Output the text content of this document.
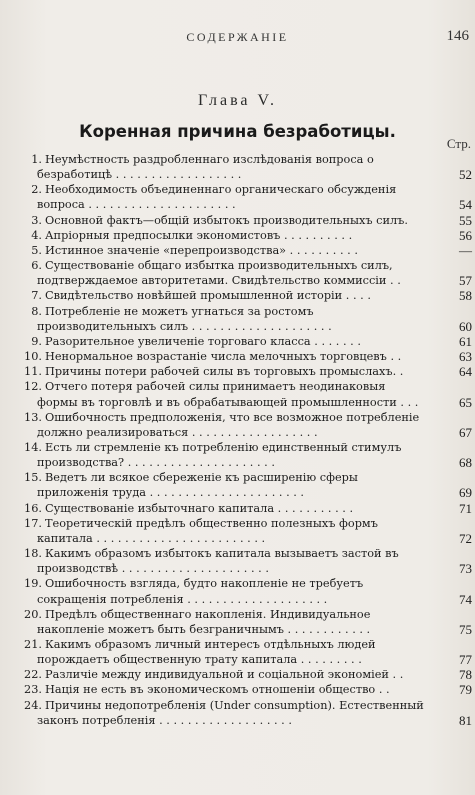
СОДЕРЖАНІЕ	146
Глава V.
Коренная причина безработицы.
Стр.
1. Неумѣстность раздробленнаго изслѣдованія вопроса о безработицѣ . . . . . . . . . . . . . . . . . .	52
2. Необходимость объединеннаго органическаго обсужденія вопроса . . . . . . . . . . . . . . . . . . . . .	54
3. Основной фактъ—общій избытокъ производительныхъ силъ.	55
4. Апріорныя предпосылки экономистовъ . . . . . . . . . .	56
5. Истинное значеніе «перепроизводства» . . . . . . . . . .	—
6. Существованіе общаго избытка производительныхъ силъ, подтверждаемое авторитетами. Свидѣтельство коммиссіи . .	57
7. Свидѣтельство новѣйшей промышленной исторіи . . . .	58
8. Потребленіе не можетъ угнаться за ростомъ производительныхъ силъ . . . . . . . . . . . . . . . . . . . .	60
9. Разорительное увеличеніе торговаго класса . . . . . . .	61
10. Ненормальное возрастаніе числа мелочныхъ торговцевъ . .	63
11. Причины потери рабочей силы въ торговыхъ промыслахъ. .	64
12. Отчего потеря рабочей силы принимаетъ неодинаковыя формы въ торговлѣ и въ обрабатывающей промышленности . . .	65
13. Ошибочность предположенія, что все возможное потребленіе должно реализироваться . . . . . . . . . . . . . . . . . .	67
14. Есть ли стремленіе къ потребленію единственный стимулъ производства? . . . . . . . . . . . . . . . . . . . . .	68
15. Ведетъ ли всякое сбереженіе къ расширенію сферы приложенія труда . . . . . . . . . . . . . . . . . . . . . .	69
16. Существованіе избыточнаго капитала . . . . . . . . . . .	71
17. Теоретическій предѣлъ общественно полезныхъ формъ капитала . . . . . . . . . . . . . . . . . . . . . . . .	72
18. Какимъ образомъ избытокъ капитала вызываетъ застой въ производствѣ . . . . . . . . . . . . . . . . . . . . .	73
19. Ошибочность взгляда, будто накопленіе не требуетъ сокращенія потребленія . . . . . . . . . . . . . . . . . . . .	74
20. Предѣлъ общественнаго накопленія. Индивидуальное накопленіе можетъ быть безграничнымъ . . . . . . . . . . . .	75
21. Какимъ образомъ личный интересъ отдѣльныхъ людей порождаетъ общественную трату капитала . . . . . . . . .	77
22. Различіе между индивидуальной и соціальной экономіей . .	78
23. Нація не есть въ экономическомъ отношеніи общество . .	79
24. Причины недопотребленія (Under consumption). Естественный законъ потребленія . . . . . . . . . . . . . . . . . . .	81
